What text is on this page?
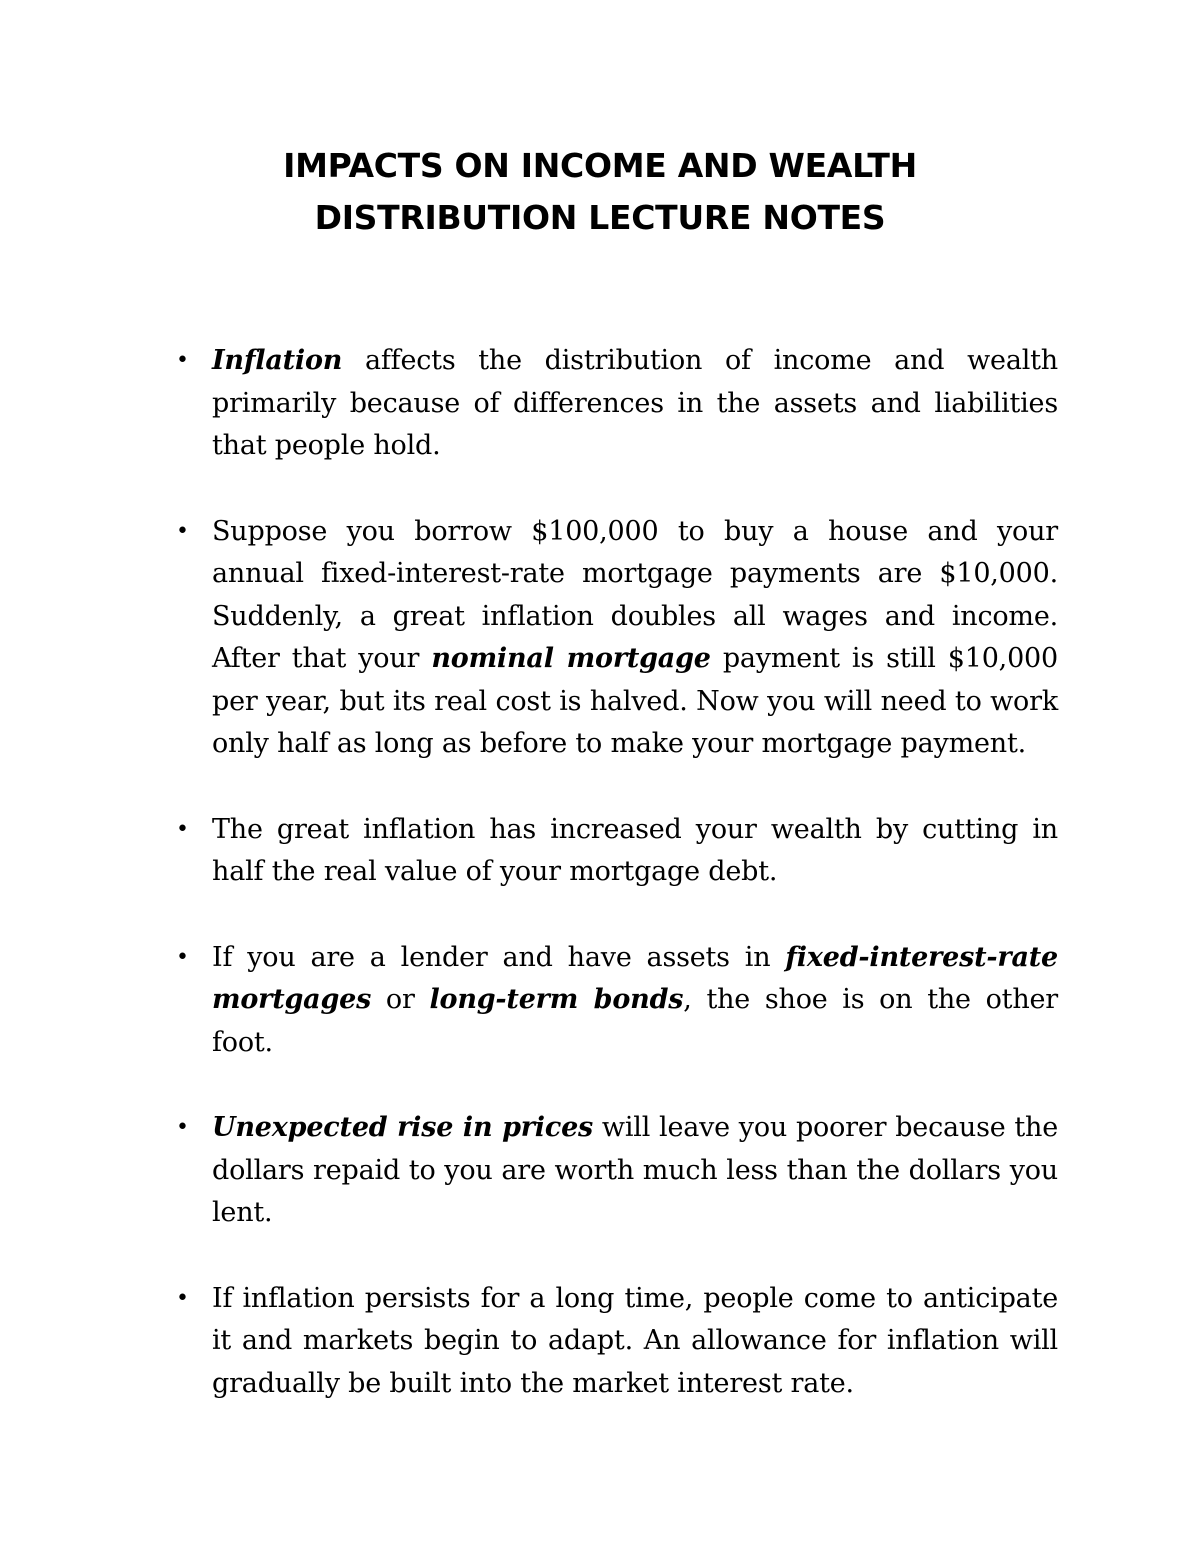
IMPACTS ON INCOME AND WEALTH
DISTRIBUTION LECTURE NOTES
• Inflation affects the distribution of income and wealth primarily because of differences in the assets and liabilities that people hold.
• Suppose you borrow $100,000 to buy a house and your annual fixed-interest-rate mortgage payments are $10,000. Suddenly, a great inflation doubles all wages and income. After that your nominal mortgage payment is still $10,000 per year, but its real cost is halved. Now you will need to work only half as long as before to make your mortgage payment.
• The great inflation has increased your wealth by cutting in half the real value of your mortgage debt.
• If you are a lender and have assets in fixed-interest-rate mortgages or long-term bonds, the shoe is on the other foot.
• Unexpected rise in prices will leave you poorer because the dollars repaid to you are worth much less than the dollars you lent.
• If inflation persists for a long time, people come to anticipate it and markets begin to adapt. An allowance for inflation will gradually be built into the market interest rate.
